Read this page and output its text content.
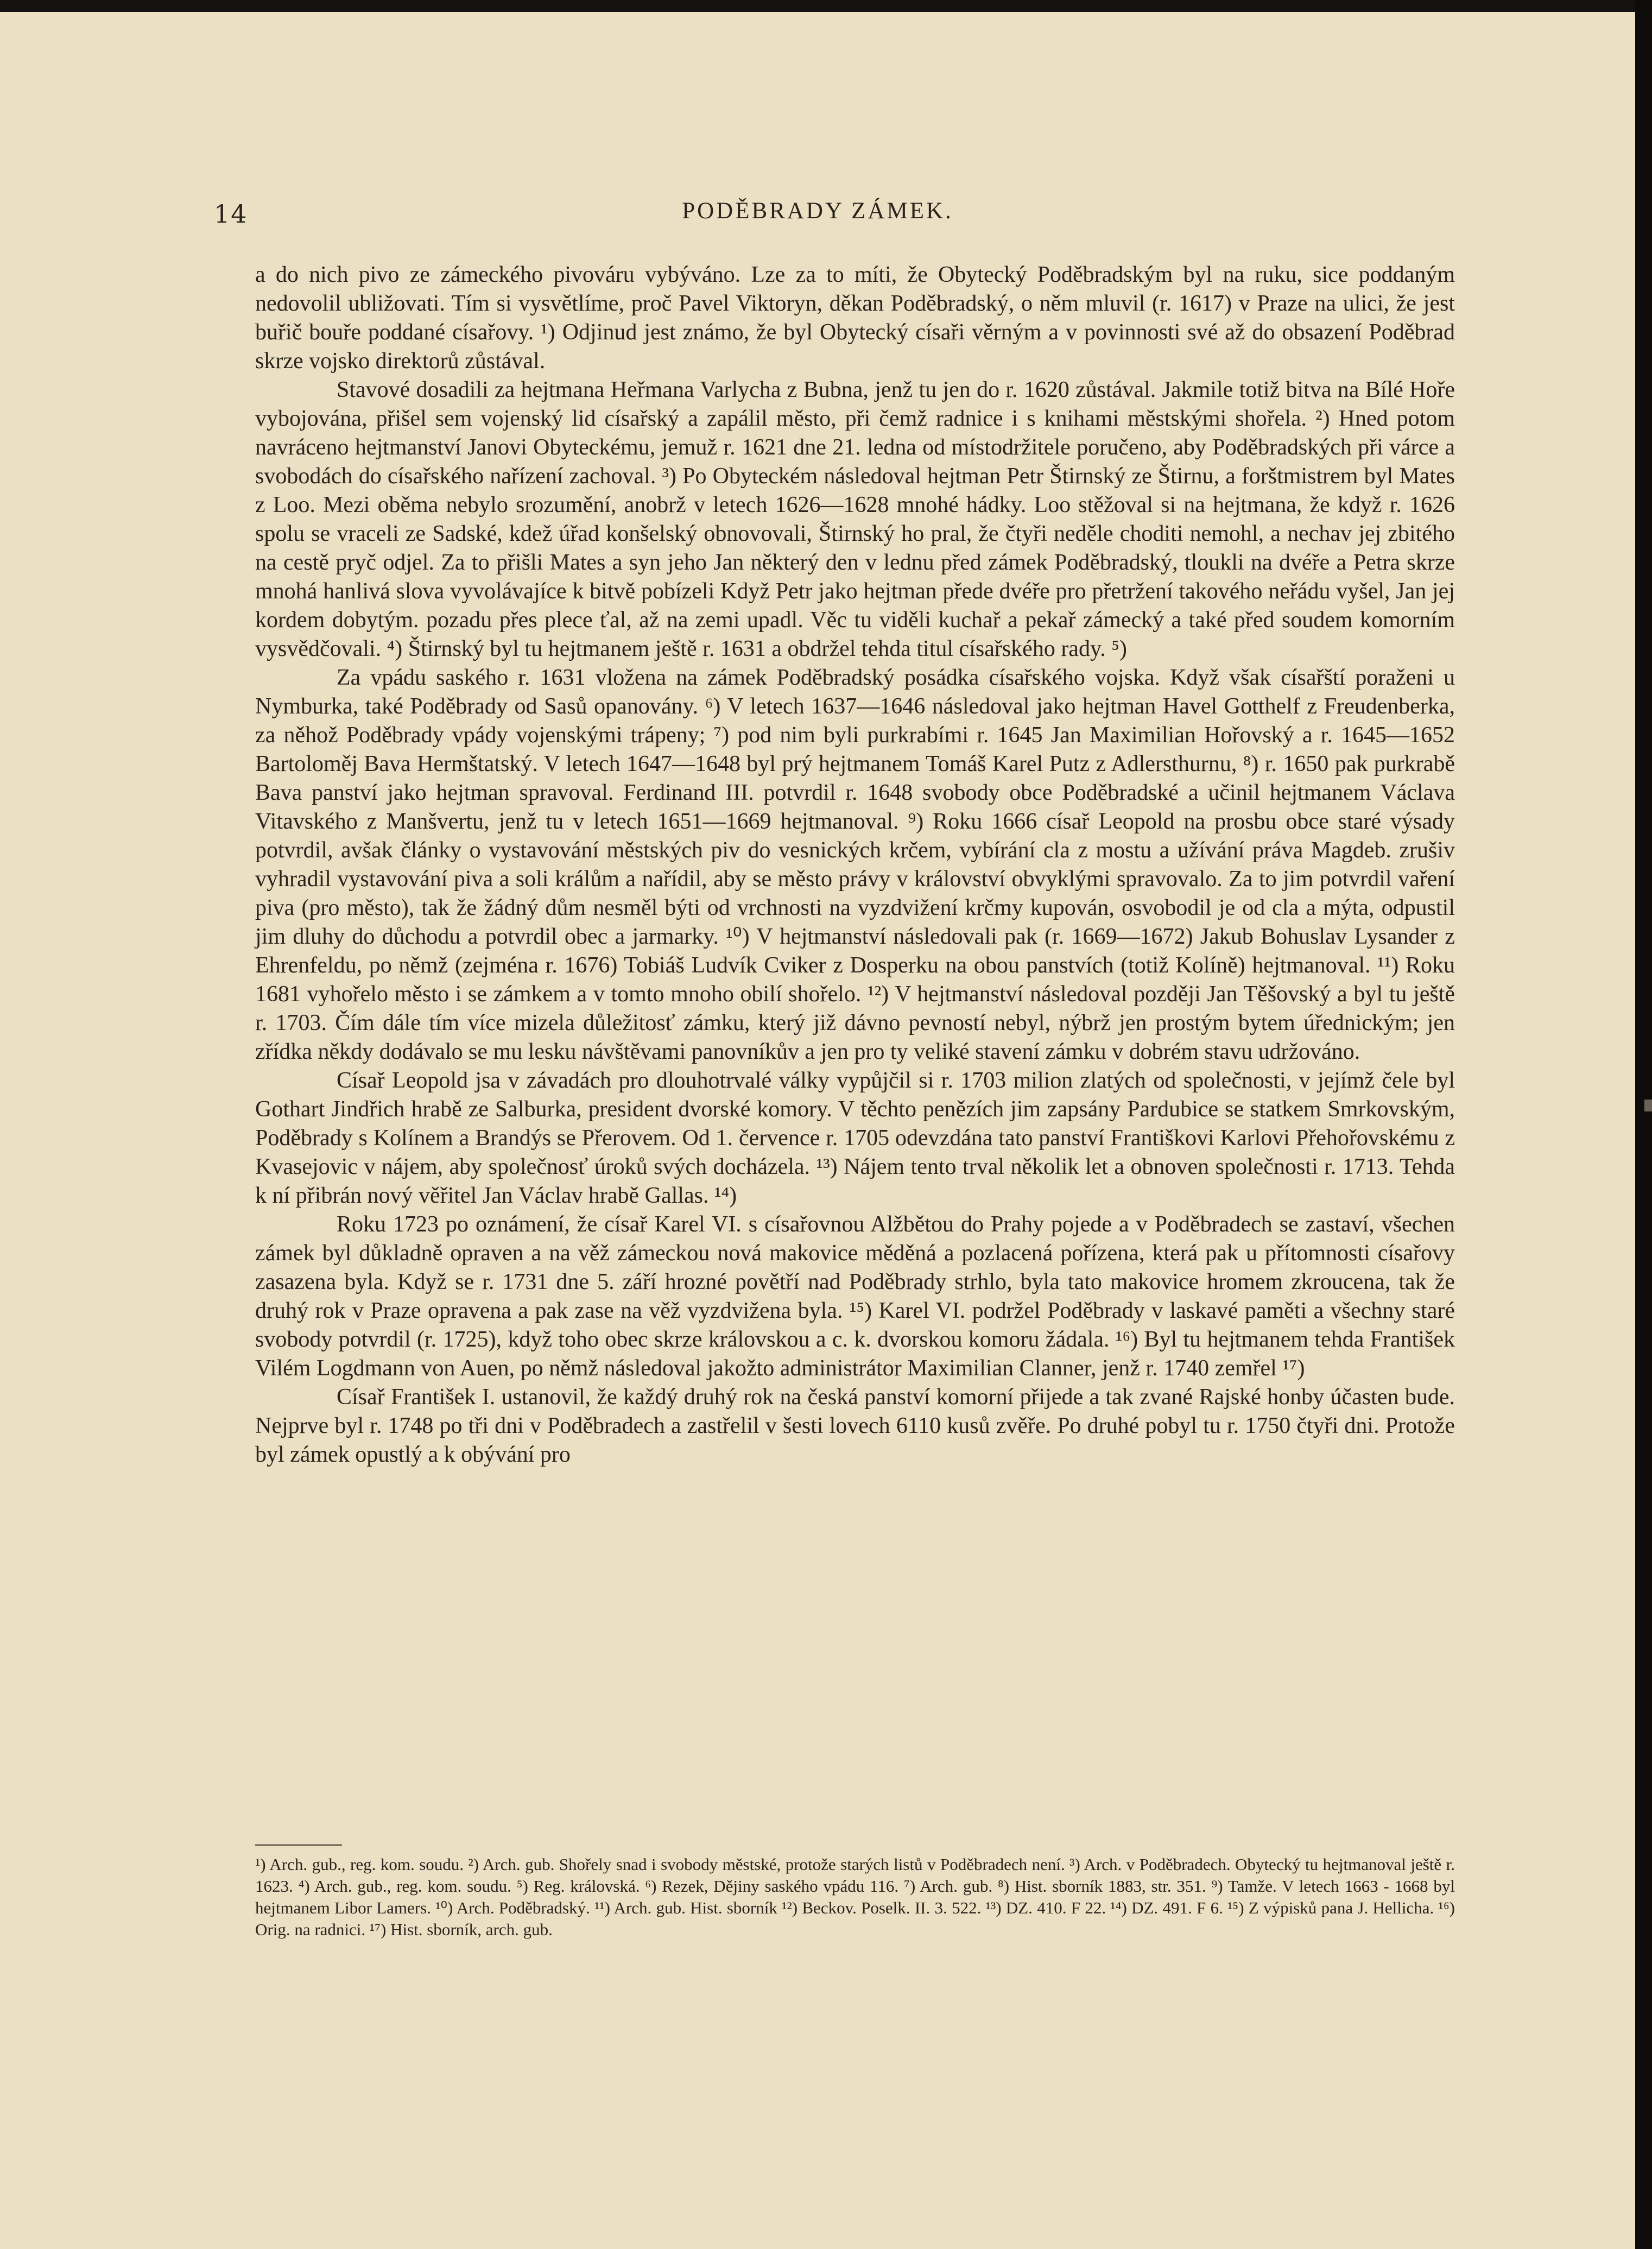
14	PODĚBRADY ZÁMEK.

a do nich pivo ze zámeckého pivováru vybýváno. Lze za to míti, že Obytecký Poděbradským byl na ruku, sice poddaným nedovolil ubližovati. Tím si vysvětlíme, proč Pavel Viktoryn, děkan Poděbradský, o něm mluvil (r. 1617) v Praze na ulici, že jest buřič bouře poddané císařovy. ¹) Odjinud jest známo, že byl Obytecký císaři věrným a v povinnosti své až do obsazení Poděbrad skrze vojsko direktorů zůstával.

Stavové dosadili za hejtmana Heřmana Varlycha z Bubna, jenž tu jen do r. 1620 zůstával. Jakmile totiž bitva na Bílé Hoře vybojována, přišel sem vojenský lid císařský a zapálil město, při čemž radnice i s knihami městskými shořela. ²) Hned potom navráceno hejtmanství Janovi Obyteckému, jemuž r. 1621 dne 21. ledna od místodržitele poručeno, aby Poděbradských při várce a svobodách do císařského nařízení zachoval. ³) Po Obyteckém následoval hejtman Petr Štirnský ze Štirnu, a forštmistrem byl Mates z Loo. Mezi oběma nebylo srozumění, anobrž v letech 1626—1628 mnohé hádky. Loo stěžoval si na hejtmana, že když r. 1626 spolu se vraceli ze Sadské, kdež úřad konšelský obnovovali, Štirnský ho pral, že čtyři neděle choditi nemohl, a nechav jej zbitého na cestě pryč odjel. Za to přišli Mates a syn jeho Jan některý den v lednu před zámek Poděbradský, tloukli na dvéře a Petra skrze mnohá hanlivá slova vyvolávajíce k bitvě pobízeli Když Petr jako hejtman přede dvéře pro přetržení takového neřádu vyšel, Jan jej kordem dobytým. pozadu přes plece ťal, až na zemi upadl. Věc tu viděli kuchař a pekař zámecký a také před soudem komorním vysvědčovali. ⁴) Štirnský byl tu hejtmanem ještě r. 1631 a obdržel tehda titul císařského rady. ⁵)

Za vpádu saského r. 1631 vložena na zámek Poděbradský posádka císařského vojska. Když však císařští poraženi u Nymburka, také Poděbrady od Sasů opanovány. ⁶) V letech 1637—1646 následoval jako hejtman Havel Gotthelf z Freudenberka, za něhož Poděbrady vpády vojenskými trápeny; ⁷) pod nim byli purkrabími r. 1645 Jan Maximilian Hořovský a r. 1645—1652 Bartoloměj Bava Hermštatský. V letech 1647—1648 byl prý hejtmanem Tomáš Karel Putz z Adlersthurnu, ⁸) r. 1650 pak purkrabě Bava panství jako hejtman spravoval. Ferdinand III. potvrdil r. 1648 svobody obce Poděbradské a učinil hejtmanem Václava Vitavského z Manšvertu, jenž tu v letech 1651—1669 hejtmanoval. ⁹) Roku 1666 císař Leopold na prosbu obce staré výsady potvrdil, avšak články o vystavování městských piv do vesnických krčem, vybírání cla z mostu a užívání práva Magdeb. zrušiv vyhradil vystavování piva a soli králům a nařídil, aby se město právy v království obvyklými spravovalo. Za to jim potvrdil vaření piva (pro město), tak že žádný dům nesměl býti od vrchnosti na vyzdvižení krčmy kupován, osvobodil je od cla a mýta, odpustil jim dluhy do důchodu a potvrdil obec a jarmarky. ¹⁰) V hejtmanství následovali pak (r. 1669—1672) Jakub Bohuslav Lysander z Ehrenfeldu, po němž (zejména r. 1676) Tobiáš Ludvík Cviker z Dosperku na obou panstvích (totiž Kolíně) hejtmanoval. ¹¹) Roku 1681 vyhořelo město i se zámkem a v tomto mnoho obilí shořelo. ¹²) V hejtmanství následoval později Jan Těšovský a byl tu ještě r. 1703. Čím dále tím více mizela důležitosť zámku, který již dávno pevností nebyl, nýbrž jen prostým bytem úřednickým; jen zřídka někdy dodávalo se mu lesku návštěvami panovníkův a jen pro ty veliké stavení zámku v dobrém stavu udržováno.

Císař Leopold jsa v závadách pro dlouhotrvalé války vypůjčil si r. 1703 milion zlatých od společnosti, v jejímž čele byl Gothart Jindřich hrabě ze Salburka, president dvorské komory. V těchto penězích jim zapsány Pardubice se statkem Smrkovským, Poděbrady s Kolínem a Brandýs se Přerovem. Od 1. července r. 1705 odevzdána tato panství Františkovi Karlovi Přehořovskému z Kvasejovic v nájem, aby společnosť úroků svých docházela. ¹³) Nájem tento trval několik let a obnoven společnosti r. 1713. Tehda k ní přibrán nový věřitel Jan Václav hrabě Gallas. ¹⁴)

Roku 1723 po oznámení, že císař Karel VI. s císařovnou Alžbětou do Prahy pojede a v Poděbradech se zastaví, všechen zámek byl důkladně opraven a na věž zámeckou nová makovice měděná a pozlacená pořízena, která pak u přítomnosti císařovy zasazena byla. Když se r. 1731 dne 5. září hrozné povětří nad Poděbrady strhlo, byla tato makovice hromem zkroucena, tak že druhý rok v Praze opravena a pak zase na věž vyzdvižena byla. ¹⁵) Karel VI. podržel Poděbrady v laskavé paměti a všechny staré svobody potvrdil (r. 1725), když toho obec skrze královskou a c. k. dvorskou komoru žádala. ¹⁶) Byl tu hejtmanem tehda František Vilém Logdmann von Auen, po němž následoval jakožto administrátor Maximilian Clanner, jenž r. 1740 zemřel ¹⁷)

Císař František I. ustanovil, že každý druhý rok na česká panství komorní přijede a tak zvané Rajské honby účasten bude. Nejprve byl r. 1748 po tři dni v Poděbradech a zastřelil v šesti lovech 6110 kusů zvěře. Po druhé pobyl tu r. 1750 čtyři dni. Protože byl zámek opustlý a k obývání pro

¹) Arch. gub., reg. kom. soudu. ²) Arch. gub. Shořely snad i svobody městské, protože starých listů v Poděbradech není. ³) Arch. v Poděbradech. Obytecký tu hejtmanoval ještě r. 1623. ⁴) Arch. gub., reg. kom. soudu. ⁵) Reg. královská. ⁶) Rezek, Dějiny saského vpádu 116. ⁷) Arch. gub. ⁸) Hist. sborník 1883, str. 351. ⁹) Tamže. V letech 1663 - 1668 byl hejtmanem Libor Lamers. ¹⁰) Arch. Poděbradský. ¹¹) Arch. gub. Hist. sborník ¹²) Beckov. Poselk. II. 3. 522. ¹³) DZ. 410. F 22. ¹⁴) DZ. 491. F 6. ¹⁵) Z výpisků pana J. Hellicha. ¹⁶) Orig. na radnici. ¹⁷) Hist. sborník, arch. gub.
